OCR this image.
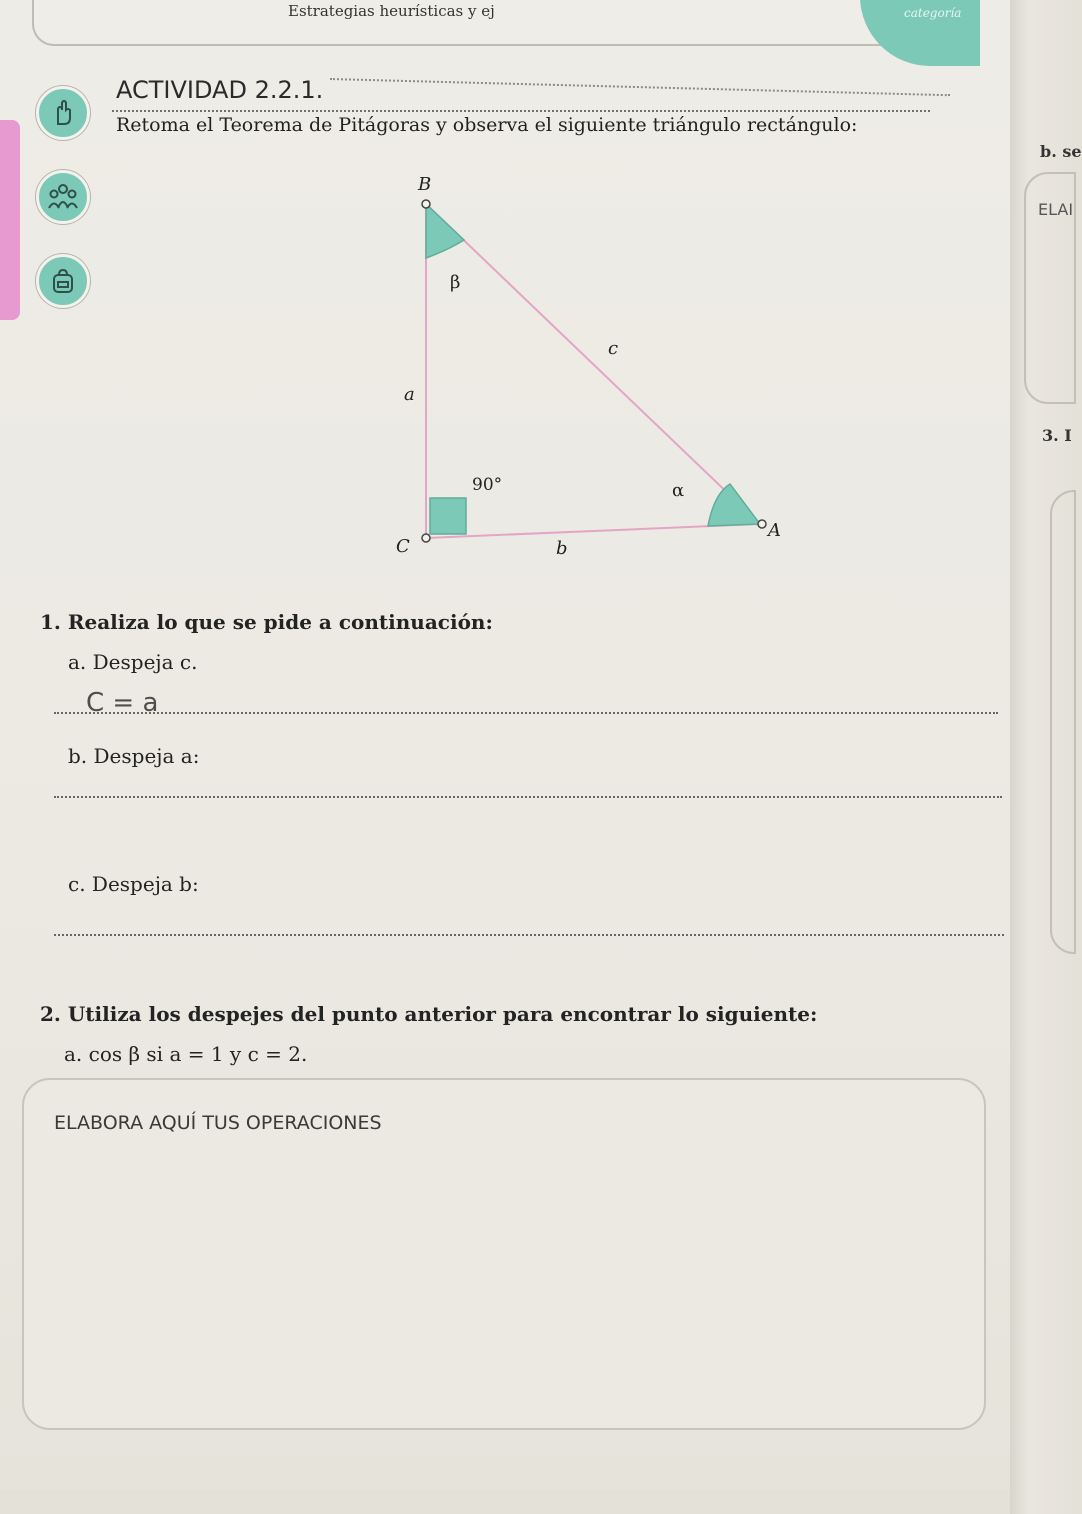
Estrategias heurísticas y ej	categoría
ACTIVIDAD 2.2.1.
Retoma el Teorema de Pitágoras y observa el siguiente triángulo rectángulo:
B
C
A
a
b
c
β
α
90°
1. Realiza lo que se pide a continuación:
a. Despeja c.
C = a
b. Despeja a:
c. Despeja b:
2. Utiliza los despejes del punto anterior para encontrar lo siguiente:
a. cos β si a = 1 y c = 2.
ELABORA AQUÍ TUS OPERACIONES
b. se
ELAI
3. I
